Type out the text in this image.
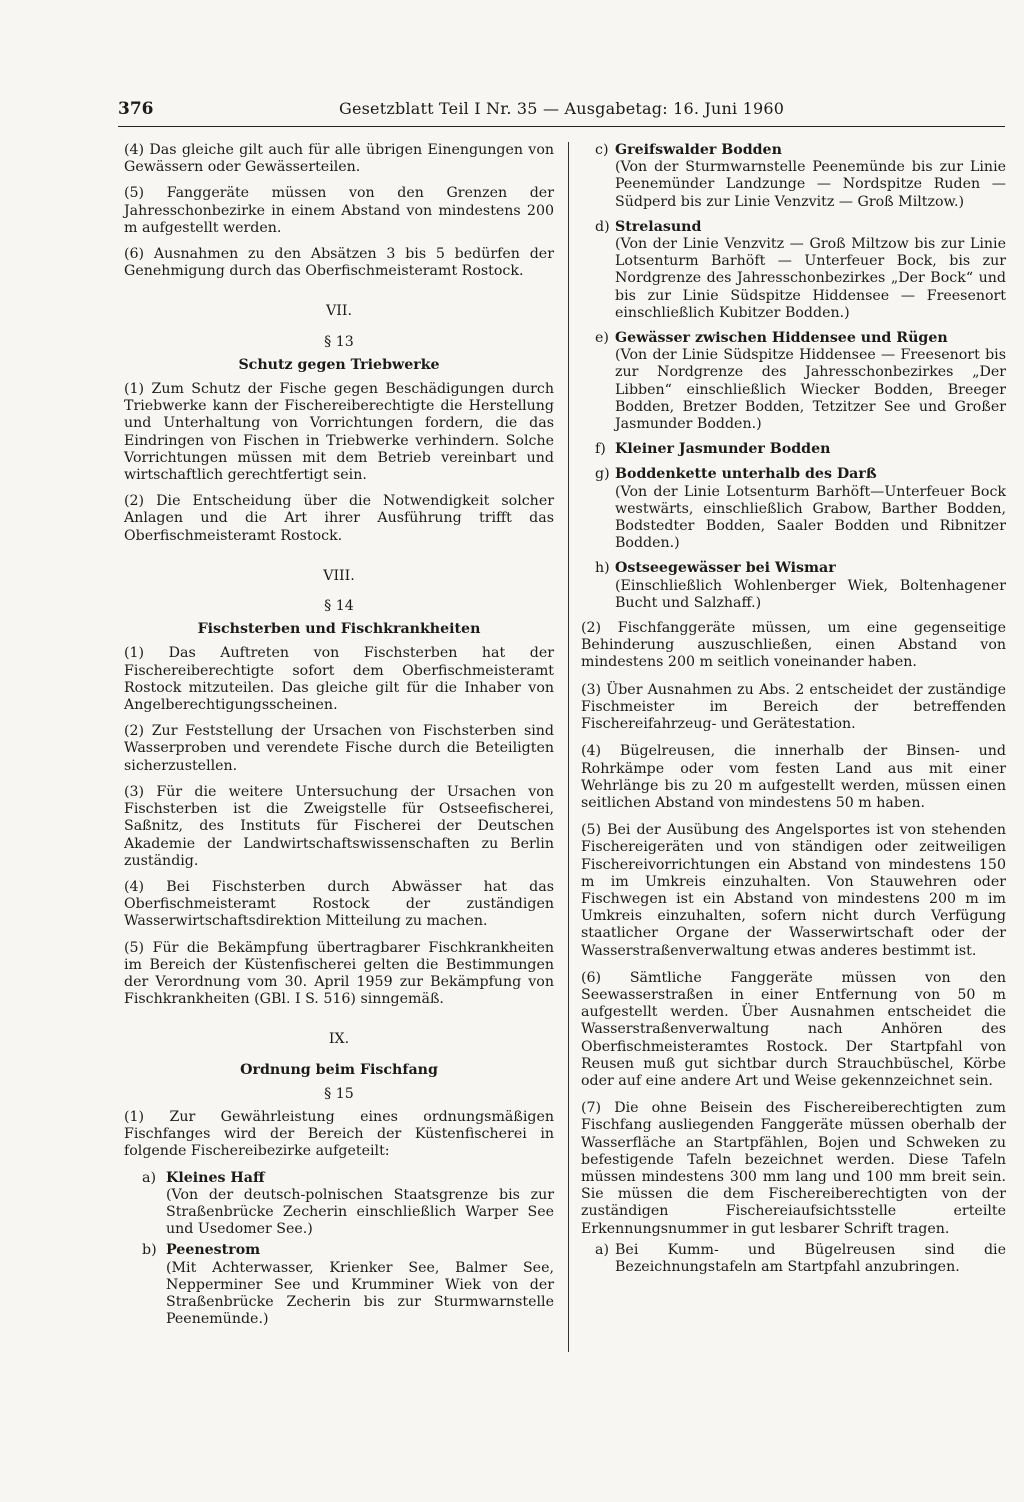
376	Gesetzblatt Teil I Nr. 35 — Ausgabetag: 16. Juni 1960

(4) Das gleiche gilt auch für alle übrigen Einengungen von Gewässern oder Gewässerteilen.

(5) Fanggeräte müssen von den Grenzen der Jahresschonbezirke in einem Abstand von mindestens 200 m aufgestellt werden.

(6) Ausnahmen zu den Absätzen 3 bis 5 bedürfen der Genehmigung durch das Oberfischmeisteramt Rostock.

VII.

§ 13

Schutz gegen Triebwerke

(1) Zum Schutz der Fische gegen Beschädigungen durch Triebwerke kann der Fischereiberechtigte die Herstellung und Unterhaltung von Vorrichtungen fordern, die das Eindringen von Fischen in Triebwerke verhindern. Solche Vorrichtungen müssen mit dem Betrieb vereinbart und wirtschaftlich gerechtfertigt sein.

(2) Die Entscheidung über die Notwendigkeit solcher Anlagen und die Art ihrer Ausführung trifft das Oberfischmeisteramt Rostock.

VIII.

§ 14

Fischsterben und Fischkrankheiten

(1) Das Auftreten von Fischsterben hat der Fischereiberechtigte sofort dem Oberfischmeisteramt Rostock mitzuteilen. Das gleiche gilt für die Inhaber von Angelberechtigungsscheinen.

(2) Zur Feststellung der Ursachen von Fischsterben sind Wasserproben und verendete Fische durch die Beteiligten sicherzustellen.

(3) Für die weitere Untersuchung der Ursachen von Fischsterben ist die Zweigstelle für Ostseefischerei, Saßnitz, des Instituts für Fischerei der Deutschen Akademie der Landwirtschaftswissenschaften zu Berlin zuständig.

(4) Bei Fischsterben durch Abwässer hat das Oberfischmeisteramt Rostock der zuständigen Wasserwirtschaftsdirektion Mitteilung zu machen.

(5) Für die Bekämpfung übertragbarer Fischkrankheiten im Bereich der Küstenfischerei gelten die Bestimmungen der Verordnung vom 30. April 1959 zur Bekämpfung von Fischkrankheiten (GBl. I S. 516) sinngemäß.

IX.

Ordnung beim Fischfang

§ 15

(1) Zur Gewährleistung eines ordnungsmäßigen Fischfanges wird der Bereich der Küstenfischerei in folgende Fischereibezirke aufgeteilt:

a) Kleines Haff
(Von der deutsch-polnischen Staatsgrenze bis zur Straßenbrücke Zecherin einschließlich Warper See und Usedomer See.)
b) Peenestrom
(Mit Achterwasser, Krienker See, Balmer See, Nepperminer See und Krumminer Wiek von der Straßenbrücke Zecherin bis zur Sturmwarnstelle Peenemünde.)
c) Greifswalder Bodden
(Von der Sturmwarnstelle Peenemünde bis zur Linie Peenemünder Landzunge — Nordspitze Ruden — Südperd bis zur Linie Venzvitz — Groß Miltzow.)
d) Strelasund
(Von der Linie Venzvitz — Groß Miltzow bis zur Linie Lotsenturm Barhöft — Unterfeuer Bock, bis zur Nordgrenze des Jahresschonbezirkes „Der Bock“ und bis zur Linie Südspitze Hiddensee — Freesenort einschließlich Kubitzer Bodden.)
e) Gewässer zwischen Hiddensee und Rügen
(Von der Linie Südspitze Hiddensee — Freesenort bis zur Nordgrenze des Jahresschonbezirkes „Der Libben“ einschließlich Wiecker Bodden, Breeger Bodden, Bretzer Bodden, Tetzitzer See und Großer Jasmunder Bodden.)
f) Kleiner Jasmunder Bodden
g) Boddenkette unterhalb des Darß
(Von der Linie Lotsenturm Barhöft—Unterfeuer Bock westwärts, einschließlich Grabow, Barther Bodden, Bodstedter Bodden, Saaler Bodden und Ribnitzer Bodden.)
h) Ostseegewässer bei Wismar
(Einschließlich Wohlenberger Wiek, Boltenhagener Bucht und Salzhaff.)

(2) Fischfanggeräte müssen, um eine gegenseitige Behinderung auszuschließen, einen Abstand von mindestens 200 m seitlich voneinander haben.

(3) Über Ausnahmen zu Abs. 2 entscheidet der zuständige Fischmeister im Bereich der betreffenden Fischereifahrzeug- und Gerätestation.

(4) Bügelreusen, die innerhalb der Binsen- und Rohrkämpe oder vom festen Land aus mit einer Wehrlänge bis zu 20 m aufgestellt werden, müssen einen seitlichen Abstand von mindestens 50 m haben.

(5) Bei der Ausübung des Angelsportes ist von stehenden Fischereigeräten und von ständigen oder zeitweiligen Fischereivorrichtungen ein Abstand von mindestens 150 m im Umkreis einzuhalten. Von Stauwehren oder Fischwegen ist ein Abstand von mindestens 200 m im Umkreis einzuhalten, sofern nicht durch Verfügung staatlicher Organe der Wasserwirtschaft oder der Wasserstraßenverwaltung etwas anderes bestimmt ist.

(6) Sämtliche Fanggeräte müssen von den Seewasserstraßen in einer Entfernung von 50 m aufgestellt werden. Über Ausnahmen entscheidet die Wasserstraßenverwaltung nach Anhören des Oberfischmeisteramtes Rostock. Der Startpfahl von Reusen muß gut sichtbar durch Strauchbüschel, Körbe oder auf eine andere Art und Weise gekennzeichnet sein.

(7) Die ohne Beisein des Fischereiberechtigten zum Fischfang ausliegenden Fanggeräte müssen oberhalb der Wasserfläche an Startpfählen, Bojen und Schweken zu befestigende Tafeln bezeichnet werden. Diese Tafeln müssen mindestens 300 mm lang und 100 mm breit sein. Sie müssen die dem Fischereiberechtigten von der zuständigen Fischereiaufsichtsstelle erteilte Erkennungsnummer in gut lesbarer Schrift tragen.

a) Bei Kumm- und Bügelreusen sind die Bezeichnungstafeln am Startpfahl anzubringen.
